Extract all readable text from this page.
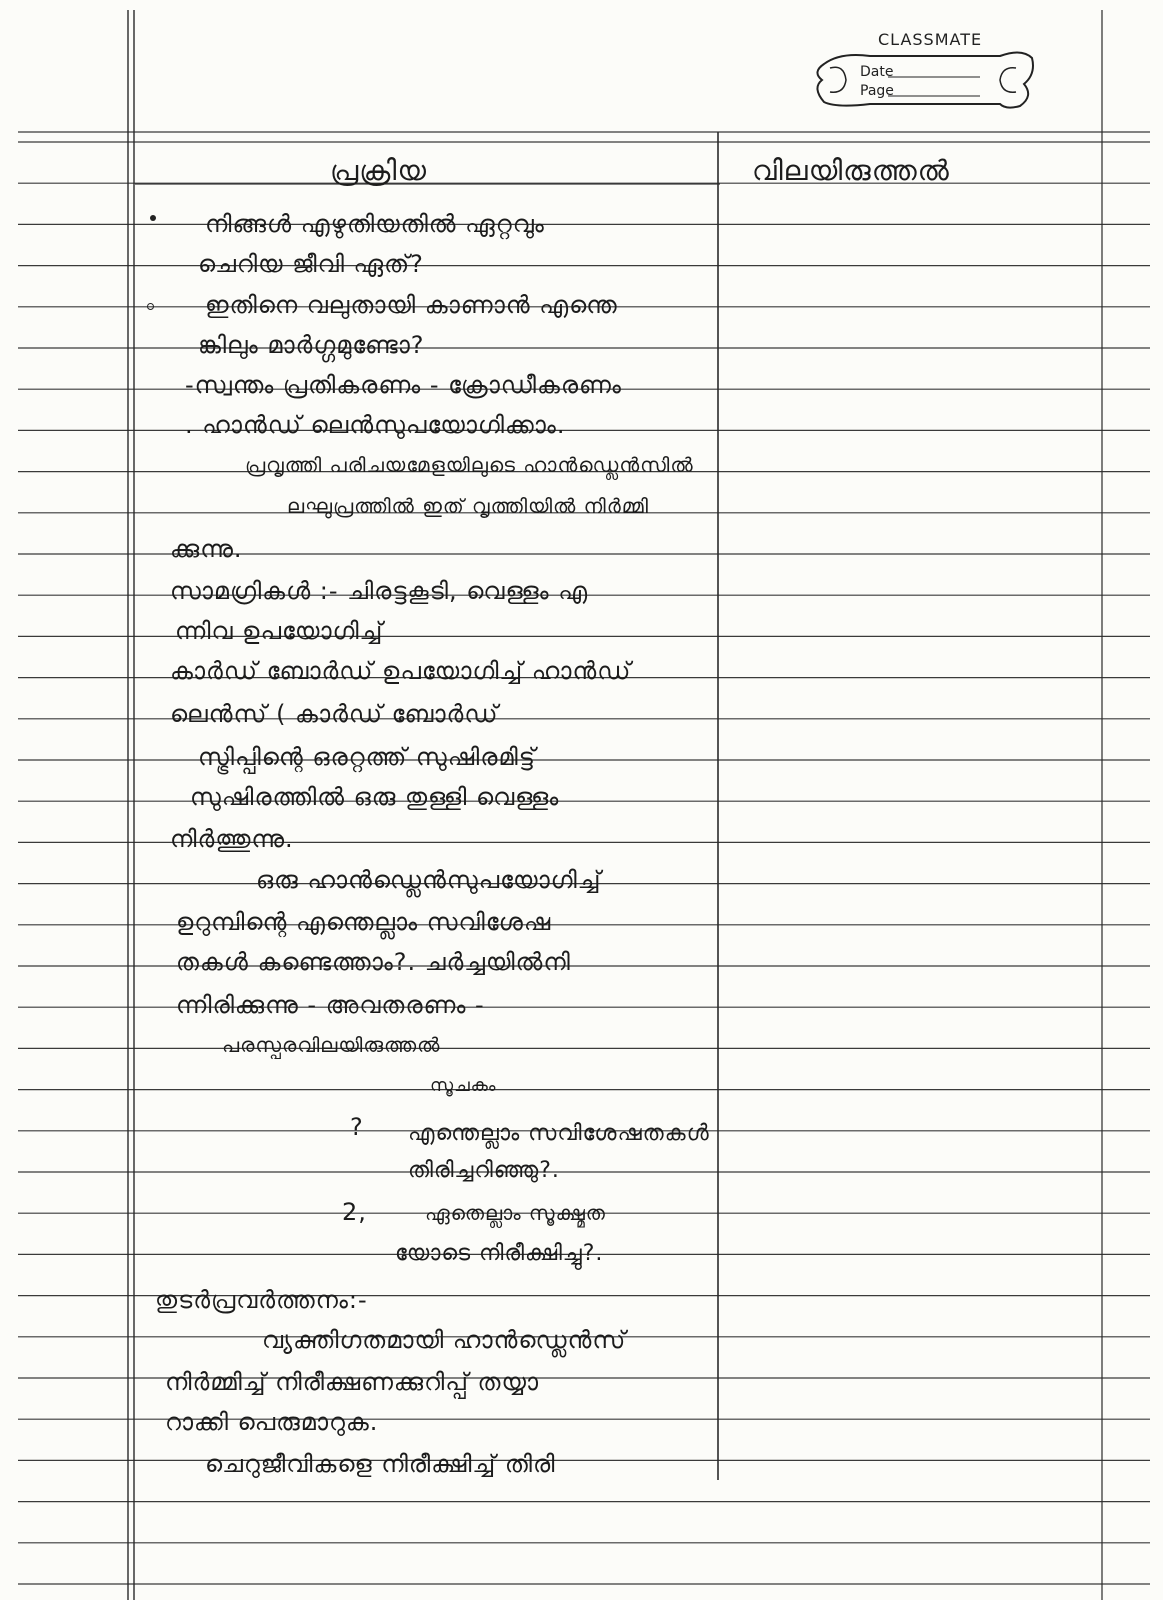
CLASSMATE
Date
Page
പ്രക്രിയ	വിലയിരുത്തൽ
നിങ്ങൾ എഴുതിയതിൽ ഏറ്റവും
ചെറിയ ജീവി ഏത്?
ഇതിനെ വലുതായി കാണാൻ എന്തെ
ങ്കിലും മാർഗ്ഗമുണ്ടോ?
-സ്വന്തം പ്രതികരണം - ക്രോഡീകരണം
. ഹാൻഡ് ലെൻസുപയോഗിക്കാം.
പ്രവൃത്തി പരിചയമേളയിലുടെ ഹാൻഡ്ലെൻസിൽ
ലഘുപ്രത്തിൽ ഇത് വൃത്തിയിൽ നിർമ്മി
ക്കുന്നു.
സാമഗ്രികൾ :- ചിരട്ടകൂടി, വെള്ളം എ
ന്നിവ ഉപയോഗിച്ച്
കാർഡ് ബോർഡ് ഉപയോഗിച്ച് ഹാൻഡ്
ലെൻസ് ( കാർഡ് ബോർഡ്
സ്ട്രിപ്പിന്റെ ഒരറ്റത്ത് സുഷിരമിട്ട്
സുഷിരത്തിൽ ഒരു തുള്ളി വെള്ളം
നിർത്തുന്നു.
ഒരു ഹാൻഡ്ലെൻസുപയോഗിച്ച്
ഉറുമ്പിന്റെ എന്തെല്ലാം സവിശേഷ
തകൾ കണ്ടെത്താം?. ചർച്ചയിൽനി
ന്നിരിക്കുന്നു - അവതരണം -
പരസ്പരവിലയിരുത്തൽ
സൂചകം
? എന്തെല്ലാം സവിശേഷതകൾ
തിരിച്ചറിഞ്ഞു?.
2,	ഏതെല്ലാം സൂക്ഷ്മത
യോടെ നിരീക്ഷിച്ചു?.
തുടർപ്രവർത്തനം:-
വ്യക്തിഗതമായി ഹാൻഡ്ലെൻസ്
നിർമ്മിച്ച് നിരീക്ഷണക്കുറിപ്പ് തയ്യാ
റാക്കി പെരുമാറുക.
ചെറുജീവികളെ നിരീക്ഷിച്ച് തിരി
